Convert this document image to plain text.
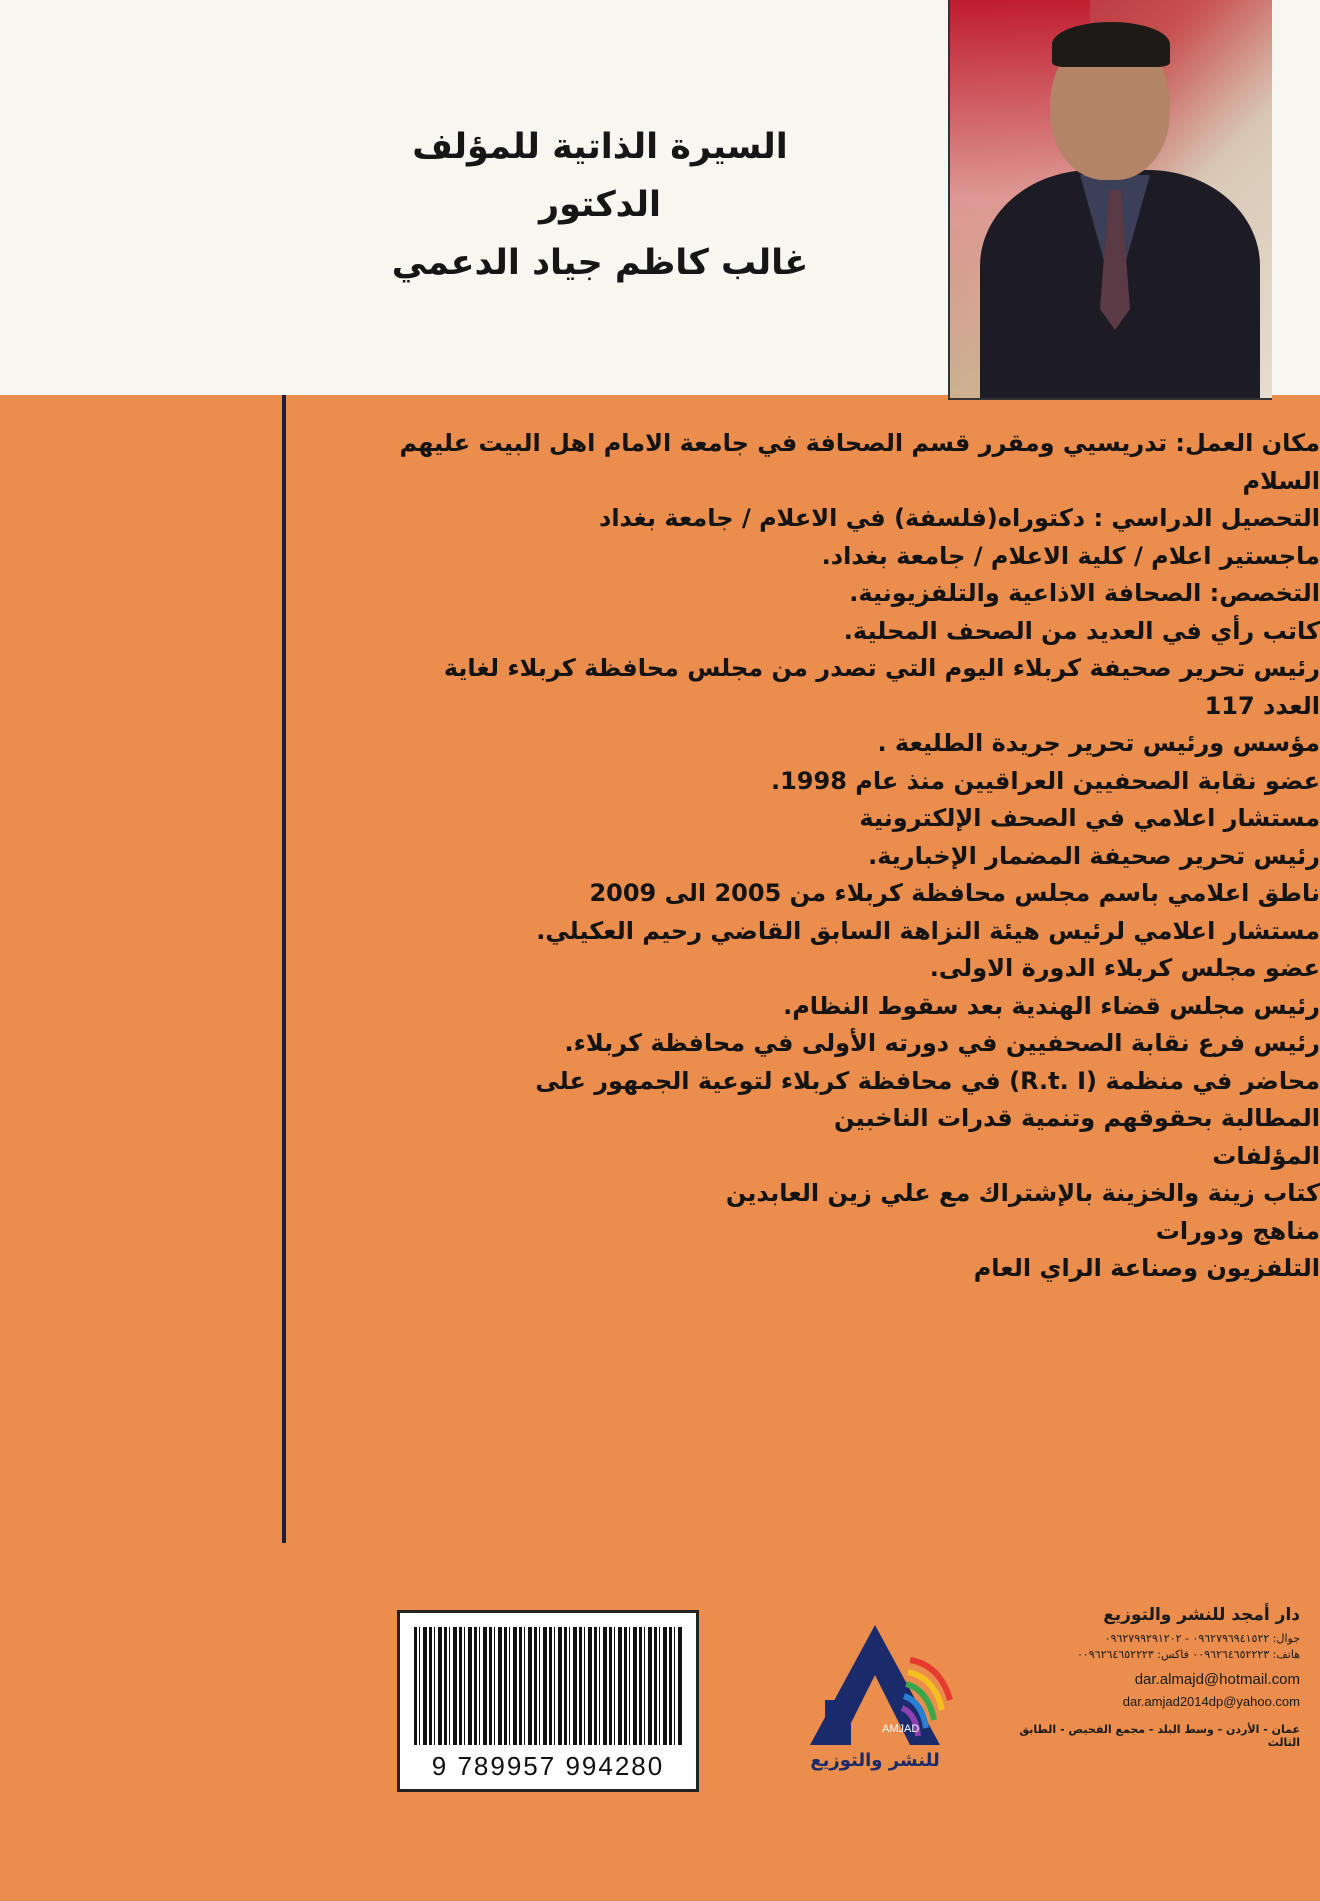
السيرة الذاتية للمؤلف

الدكتور

غالب كاظم جياد الدعمي

مكان العمل: تدريسيي ومقرر قسم الصحافة في جامعة الامام اهل البيت عليهم

السلام

التحصيل الدراسي : دكتوراه(فلسفة) في الاعلام / جامعة بغداد

ماجستير اعلام / كلية الاعلام / جامعة بغداد.

التخصص: الصحافة الاذاعية والتلفزيونية.

كاتب رأي في العديد من الصحف المحلية.

رئيس تحرير صحيفة كربلاء اليوم التي تصدر من مجلس محافظة كربلاء لغاية

العدد 117

مؤسس ورئيس تحرير جريدة الطليعة .

عضو نقابة الصحفيين العراقيين منذ عام 1998.

مستشار اعلامي في الصحف الإلكترونية

رئيس تحرير صحيفة المضمار الإخبارية.

ناطق اعلامي باسم مجلس محافظة كربلاء من 2005 الى 2009

مستشار اعلامي لرئيس هيئة النزاهة السابق القاضي رحيم العكيلي.

عضو مجلس كربلاء الدورة الاولى.

رئيس مجلس قضاء الهندية بعد سقوط النظام.

رئيس فرع نقابة الصحفيين في دورته الأولى في محافظة كربلاء.

محاضر في منظمة (R.t. I) في محافظة كربلاء لتوعية الجمهور على

المطالبة بحقوقهم وتنمية قدرات الناخبين

المؤلفات

كتاب زينة والخزينة بالإشتراك مع علي زين العابدين

مناهج ودورات

التلفزيون وصناعة الراي العام

9 789957 994280
AMJAD
للنشر والتوزيع

دار أمجد للنشر والتوزيع

جوال: ٠٩٦٢٧٩٦٩٤١٥٢٢ - ٠٩٦٢٧٩٩٢٩١٢٠٢

هاتف: ٠٠٩٦٢٦٤٦٥٢٢٢٣ فاكس: ٠٠٩٦٢٦٤٦٥٢٢٢٣

dar.almajd@hotmail.com

dar.amjad2014dp@yahoo.com

عمان - الأردن - وسط البلد - مجمع الفحيص - الطابق الثالث
